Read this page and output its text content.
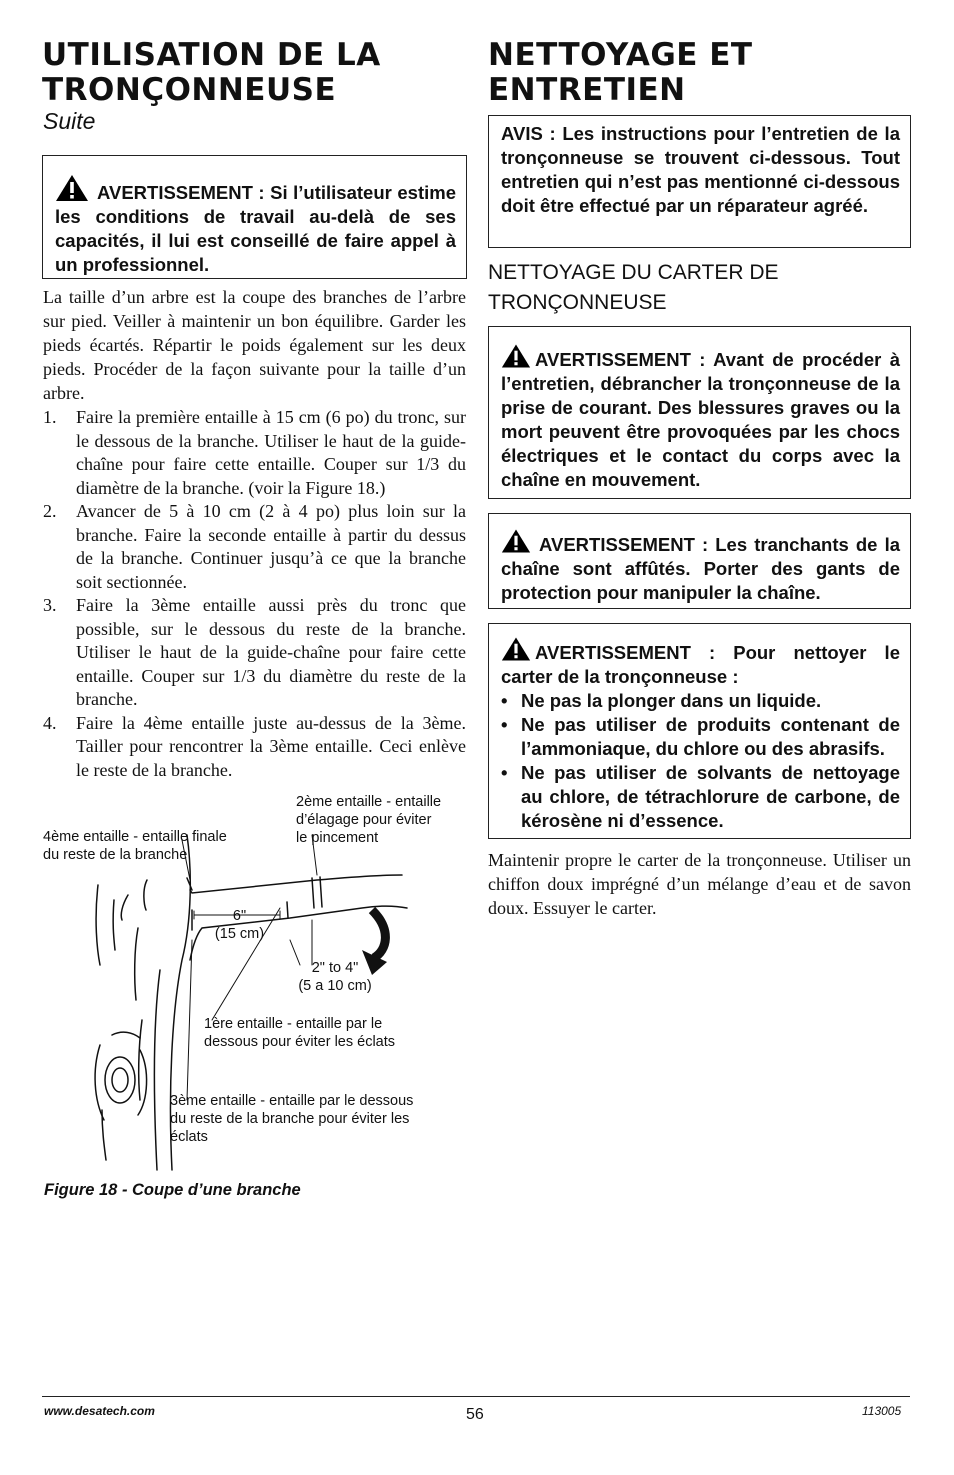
UTILISATION DE LA
TRONÇONNEUSE

Suite

AVERTISSEMENT : Si l’utilisateur estime les conditions de travail au-delà de ses capacités, il lui est conseillé de faire appel à un professionnel.

La taille d’un arbre est la coupe des branches de l’arbre sur pied. Veiller à maintenir un bon équilibre. Garder les pieds écartés. Répartir le poids également sur les deux pieds. Procéder de la façon suivante pour la taille d’un arbre.

1. Faire la première entaille à 15 cm (6 po) du tronc, sur le dessous de la branche. Utiliser le haut de la guide-chaîne pour faire cette entaille. Couper sur 1/3 du diamètre de la branche. (voir la Figure 18.)
2. Avancer de 5 à 10 cm (2 à 4 po) plus loin sur la branche. Faire la seconde entaille à partir du dessus de la branche. Continuer jusqu’à ce que la branche soit sectionnée.
3. Faire la 3ème entaille aussi près du tronc que possible, sur le dessous du reste de la branche. Utiliser le haut de la guide-chaîne pour faire cette entaille. Couper sur 1/3 du diamètre du reste de la branche.
4. Faire la 4ème entaille juste au-dessus de la 3ème. Tailler pour rencontrer la 3ème entaille. Ceci enlève le reste de la branche.
2ème entaille - entaille
d’élagage pour éviter
le pincement
4ème entaille - entaille finale
du reste de la branche
6"
(15 cm)
2" to 4"
(5 a 10 cm)
1ère entaille - entaille par le
dessous pour éviter les éclats
3ème entaille - entaille par le dessous
du reste de la branche pour éviter les
éclats

Figure 18 - Coupe d’une branche

NETTOYAGE ET
ENTRETIEN
AVIS : Les instructions pour l’entretien de la tronçonneuse se trouvent ci-dessous. Tout entretien qui n’est pas mentionné ci-dessous doit être effectué par un réparateur agréé.
NETTOYAGE DU CARTER DE
TRONÇONNEUSE
AVERTISSEMENT : Avant de procéder à l’entretien, débrancher la tronçonneuse de la prise de courant. Des blessures graves ou la mort peuvent être provoquées par les chocs électriques et le contact du corps avec la chaîne en mouvement.
AVERTISSEMENT : Les tranchants de la chaîne sont affûtés. Porter des gants de protection pour manipuler la chaîne.
AVERTISSEMENT : Pour nettoyer le carter de la tronçonneuse :
• Ne pas la plonger dans un liquide.
• Ne pas utiliser de produits contenant de l’ammoniaque, du chlore ou des abrasifs.
• Ne pas utiliser de solvants de nettoyage au chlore, de tétrachlorure de carbone, de kérosène ni d’essence.

Maintenir propre le carter de la tronçonneuse. Utiliser un chiffon doux imprégné d’un mélange d’eau et de savon doux. Essuyer le carter.

www.desatech.com	56	113005
